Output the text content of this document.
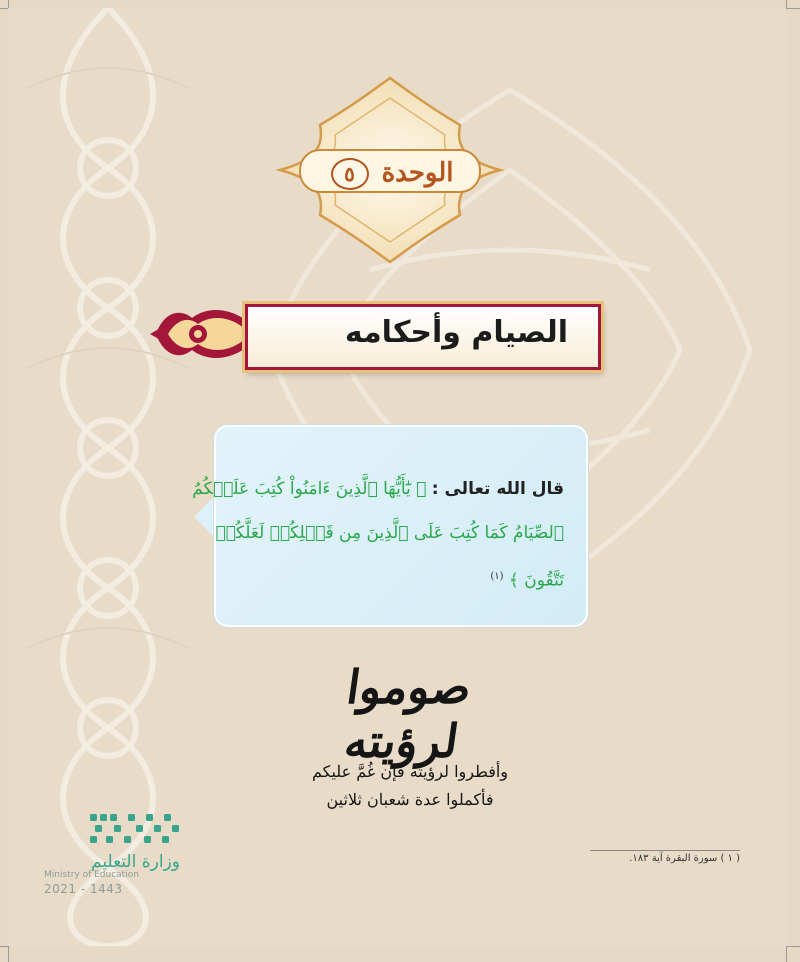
الوحدة ٥
الصيام وأحكامه
قال الله تعالى : ﴿ يَٰٓأَيُّهَا ٱلَّذِينَ ءَامَنُواْ كُتِبَ عَلَيۡكُمُ
ٱلصِّيَامُ كَمَا كُتِبَ عَلَى ٱلَّذِينَ مِن قَبۡلِكُمۡ لَعَلَّكُمۡ
تَتَّقُونَ ﴾ $^{(١)}$
صوموا لرؤيته
وأفطروا لرؤيته فإن غُمَّ عليكم
فأكملوا عدة شعبان ثلاثين
( ١ ) سورة البقرة آية ١٨٣.
وزارة التعليم
Ministry of Education
2021 - 1443
